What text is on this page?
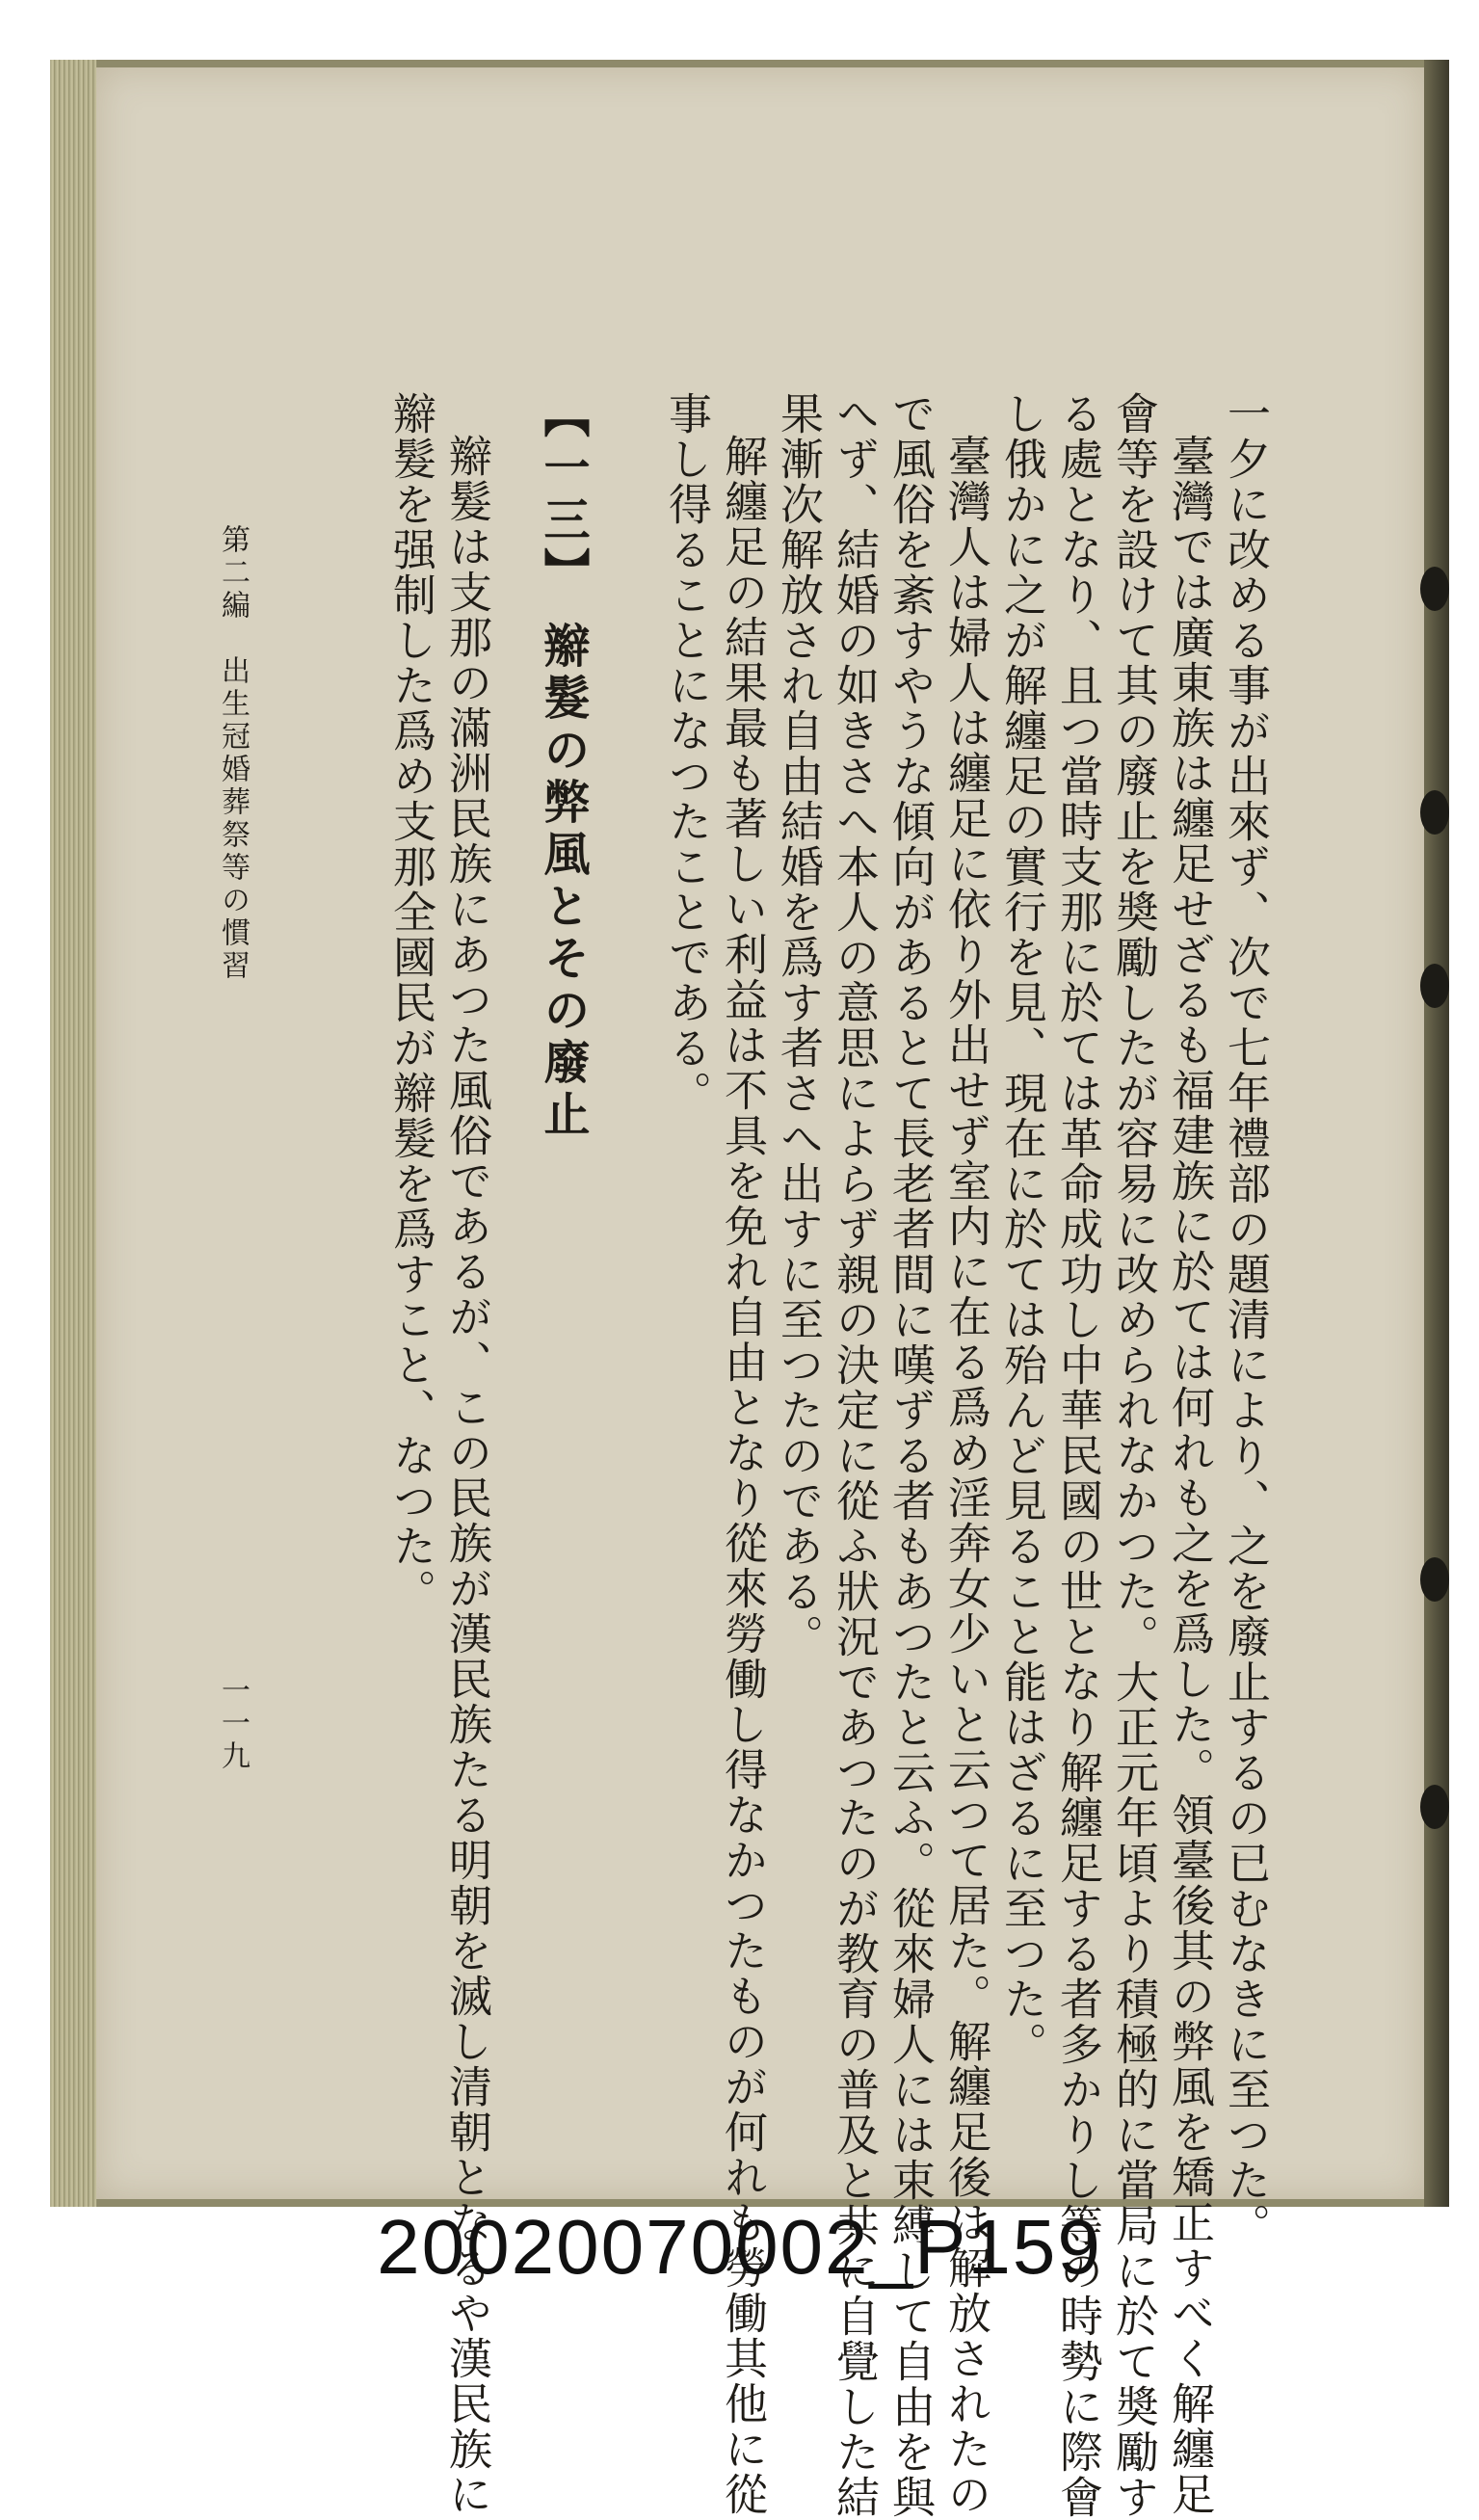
一夕に改める事が出來ず、次で七年禮部の題清により、之を廢止するの已むなきに至つた。
臺灣では廣東族は纏足せざるも福建族に於ては何れも之を爲した。領臺後其の弊風を矯正すべく解纏足
會等を設けて其の廢止を奬勵したが容易に改められなかつた。大正元年頃より積極的に當局に於て奬勵す
る處となり、且つ當時支那に於ては革命成功し中華民國の世となり解纏足する者多かりし等の時勢に際會
し俄かに之が解纏足の實行を見、現在に於ては殆んど見ること能はざるに至つた。
臺灣人は婦人は纏足に依り外出せず室内に在る爲め淫奔女少いと云つて居た。解纏足後は解放されたの
で風俗を紊すやうな傾向があるとて長老者間に嘆ずる者もあつたと云ふ。從來婦人には束縛して自由を與
へず、結婚の如きさへ本人の意思によらず親の決定に從ふ狀況であつたのが教育の普及と共に自覺した結
果漸次解放され自由結婚を爲す者さへ出すに至つたのである。
解纏足の結果最も著しい利益は不具を免れ自由となり從來勞働し得なかつたものが何れも勞働其他に從
事し得ることになつたことである。
【一三】 辮髮の弊風とその廢止
辮髮は支那の滿洲民族にあつた風俗であるが、この民族が漢民族たる明朝を滅し清朝となるや漢民族に
辮髮を强制した爲め支那全國民が辮髮を爲すこと、なつた。
第二編　出生冠婚葬祭等の慣習
一一九
20020070002_P159
